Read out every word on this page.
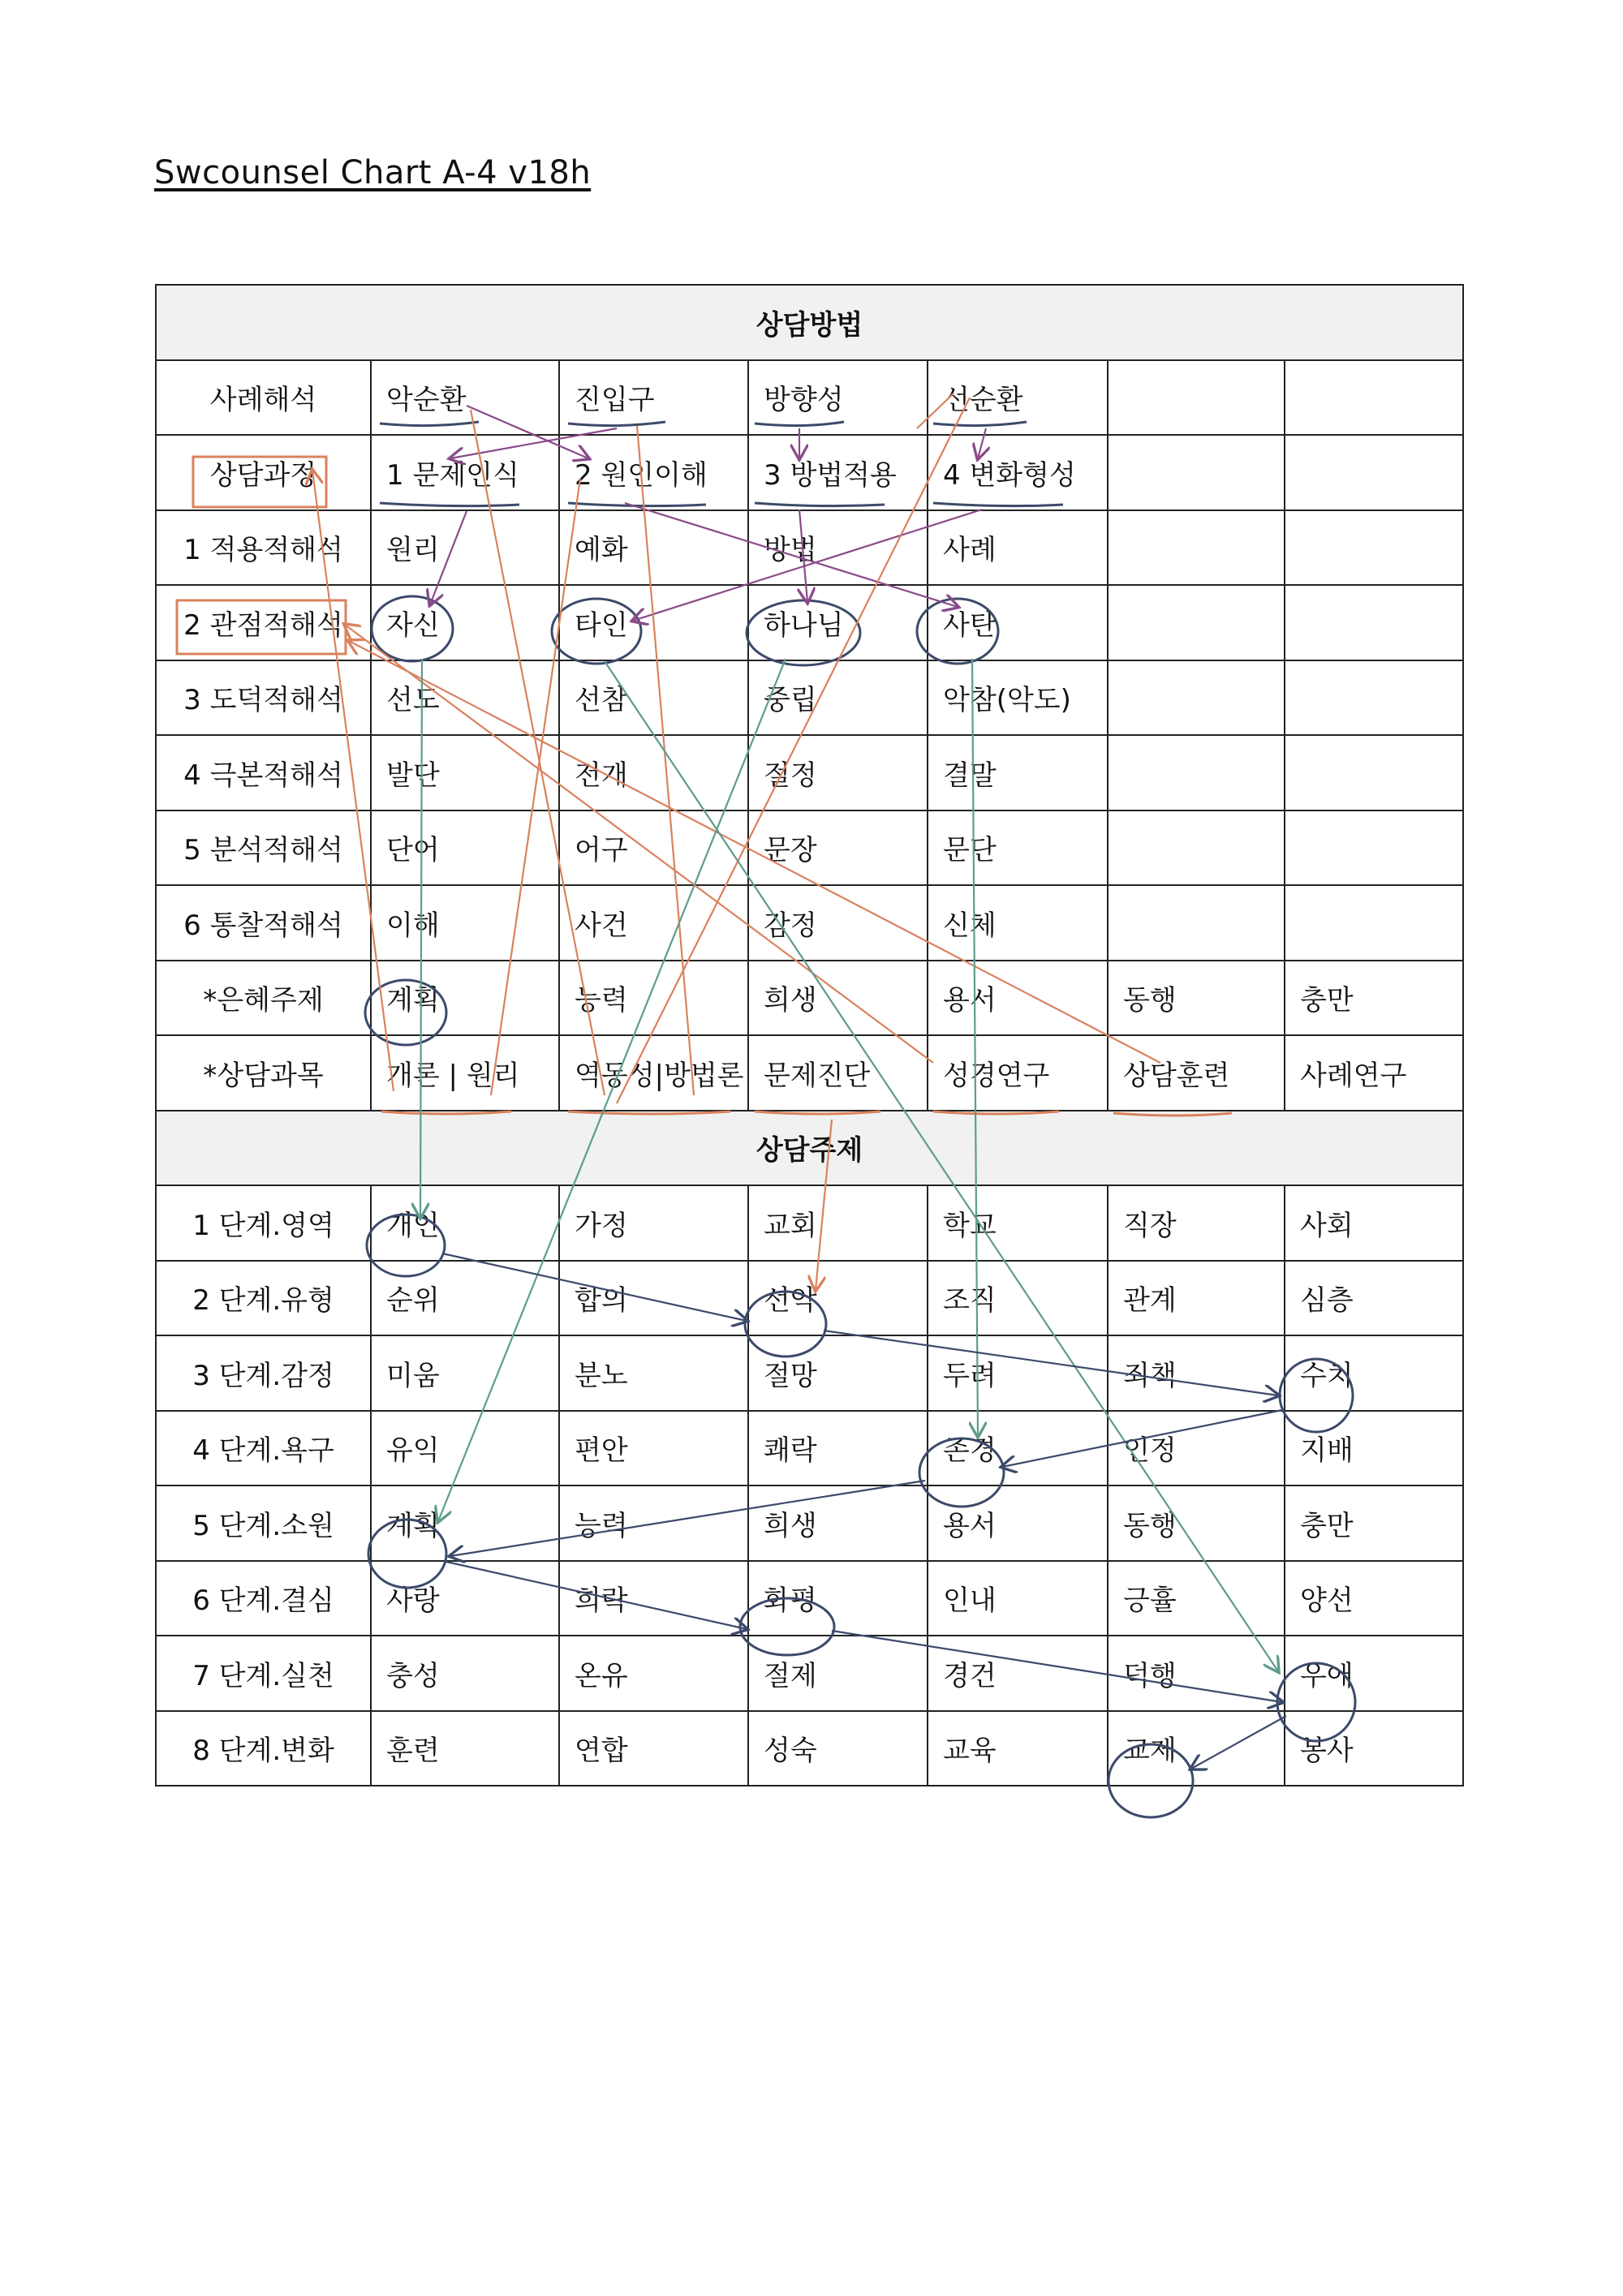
Swcounsel Chart A-4 v18h
상담방법						
사례해석	악순환	진입구	방향성	선순환		
상담과정	1 문제인식	2 원인이해	3 방법적용	4 변화형성		
1 적용적해석	원리	예화	방법	사례		
2 관점적해석	자신	타인	하나님	사탄		
3 도덕적해석	선도	선참	중립	악참(악도)		
4 극본적해석	발단	전개	절정	결말		
5 분석적해석	단어	어구	문장	문단		
6 통찰적해석	이해	사건	감정	신체		
*은혜주제	계획	능력	희생	용서	동행	충만
*상담과목	개론 | 원리	역동성|방법론	문제진단	성경연구	상담훈련	사례연구
상담주제						
1 단계.영역	개인	가정	교회	학교	직장	사회
2 단계.유형	순위	합의	선악	조직	관계	심층
3 단계.감정	미움	분노	절망	두려	죄책	수치
4 단계.욕구	유익	편안	쾌락	존경	인정	지배
5 단계.소원	계획	능력	희생	용서	동행	충만
6 단계.결심	사랑	희락	화평	인내	긍휼	양선
7 단계.실천	충성	온유	절제	경건	덕행	우애
8 단계.변화	훈련	연합	성숙	교육	교제	봉사
